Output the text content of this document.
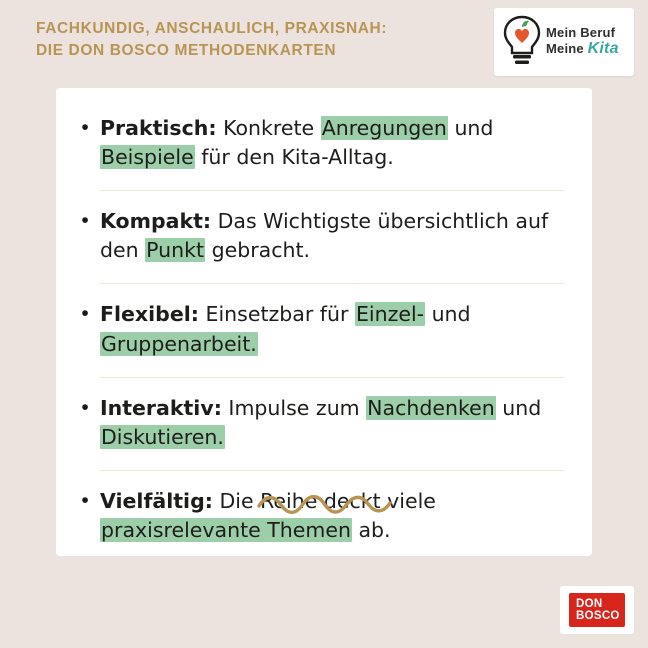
FACHKUNDIG, ANSCHAULICH, PRAXISNAH:
DIE DON BOSCO METHODENKARTEN
Mein Beruf
Meine Kita
• Praktisch: Konkrete Anregungen und Beispiele für den Kita-Alltag.
• Kompakt: Das Wichtigste übersichtlich auf den Punkt gebracht.
• Flexibel: Einsetzbar für Einzel- und Gruppenarbeit.
• Interaktiv: Impulse zum Nachdenken und Diskutieren.
• Vielfältig: Die Reihe deckt viele praxisrelevante Themen ab.
DON
BOSCO
